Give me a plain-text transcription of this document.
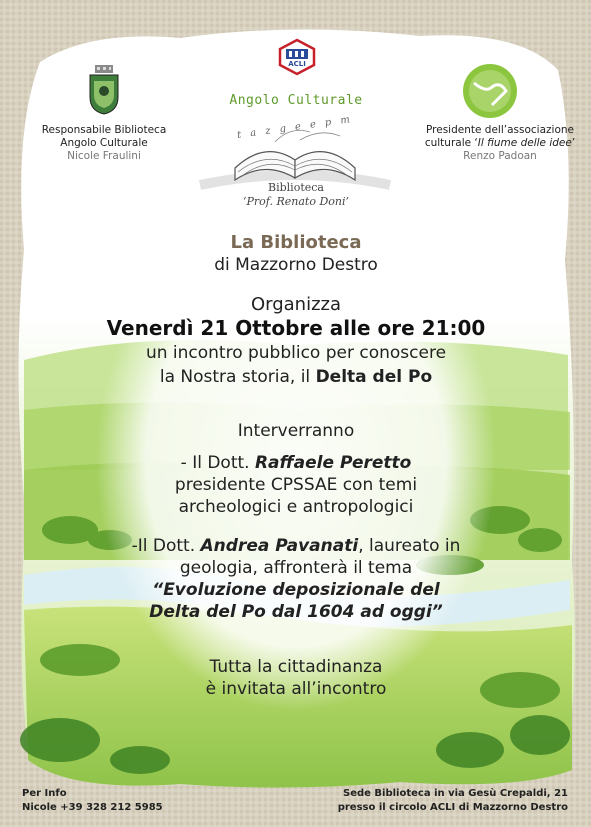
Responsabile Biblioteca
Angolo Culturale
Nicole Fraulini
ACLI
Angolo Culturale
t a z g e e p m
Biblioteca
‘Prof. Renato Doni’
Presidente dell’associazione
culturale ‘Il fiume delle idee’
Renzo Padoan
La Biblioteca
di Mazzorno Destro
Organizza
Venerdì 21 Ottobre alle ore 21:00
un incontro pubblico per conoscere
la Nostra storia, il Delta del Po
Interverranno
- Il Dott. Raffaele Peretto
presidente CPSSAE con temi
archeologici e antropologici
-Il Dott. Andrea Pavanati, laureato in
geologia, affronterà il tema
“Evoluzione deposizionale del
Delta del Po dal 1604 ad oggi”
Tutta la cittadinanza
è invitata all’incontro
Per Info
Nicole +39 328 212 5985
Sede Biblioteca in via Gesù Crepaldi, 21
presso il circolo ACLI di Mazzorno Destro
